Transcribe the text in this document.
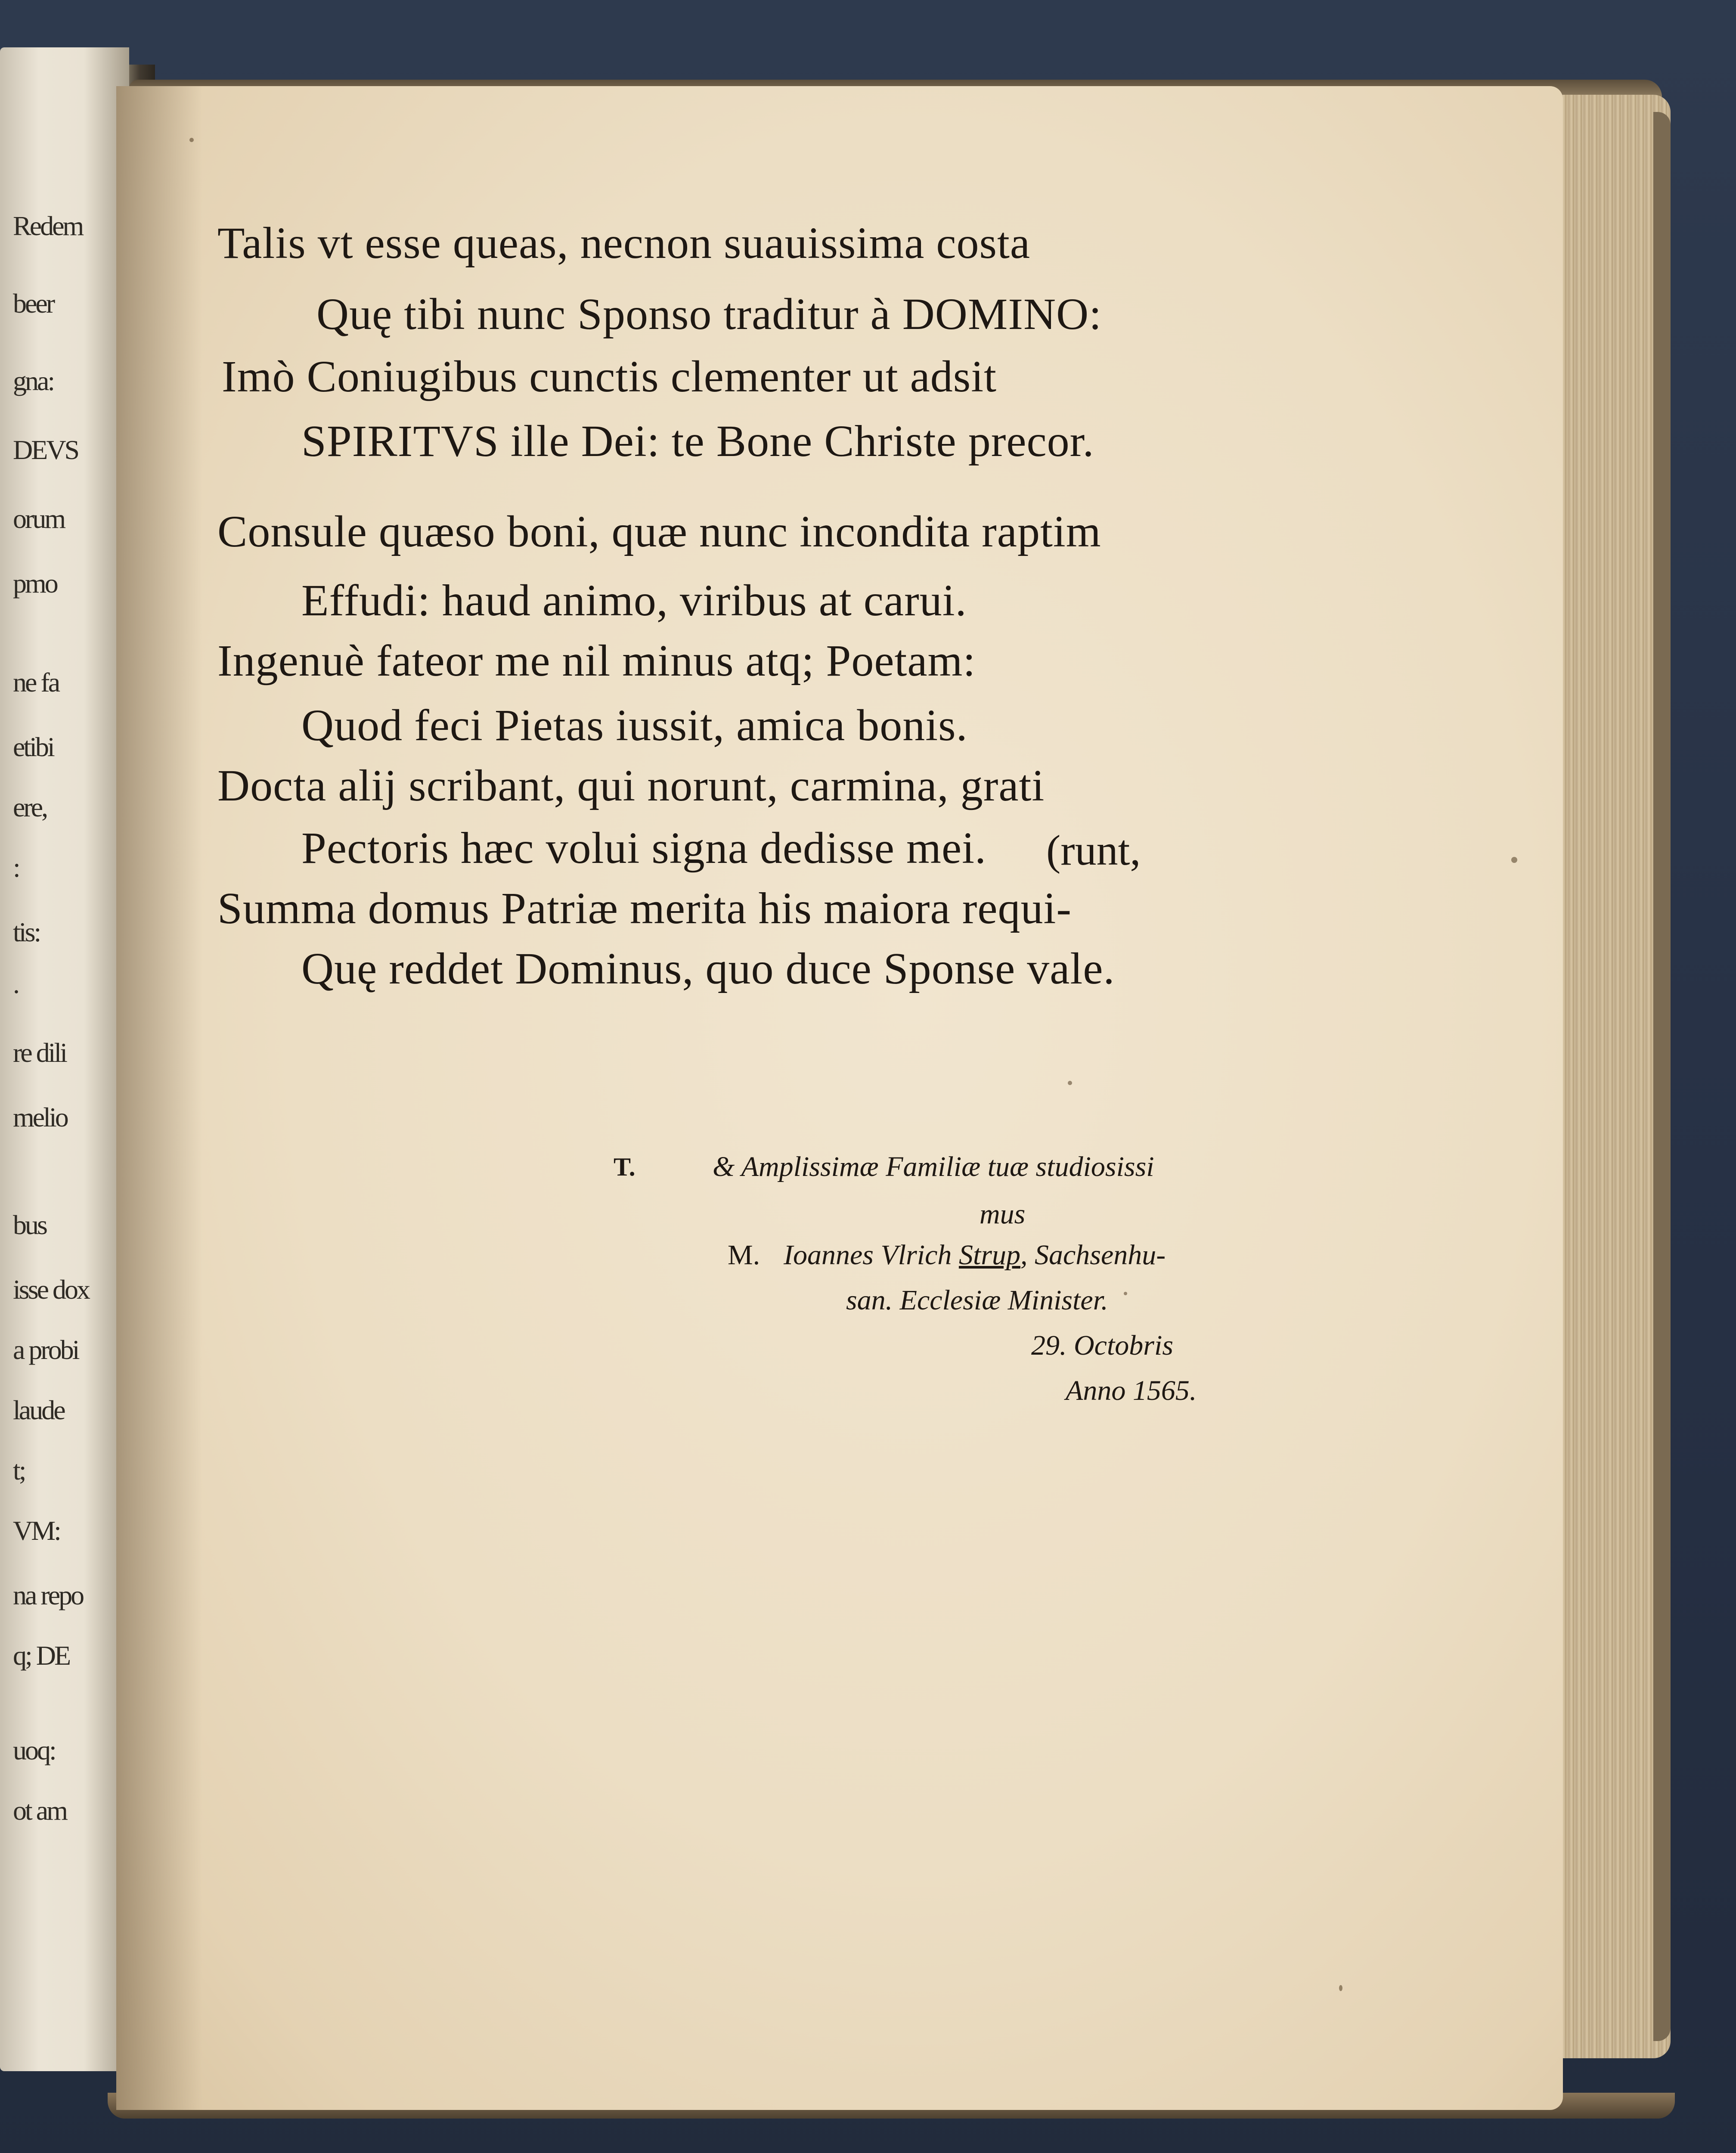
Redem
beer
gna:
DEVS
orum
pmo
ne fa
etibi
ere,
:
tis:
.
re dili
melio
bus
isse dox
a probi
laude
t;
VM:
na repo
q; DE
uoq:
ot am
Talis vt esse queas, necnon suauissima costa
Quę tibi nunc Sponso traditur à DOMINO:
Imò Coniugibus cunctis clementer ut adsit
SPIRITVS ille Dei: te Bone Christe precor.
Consule quæso boni, quæ nunc incondita raptim
Effudi: haud animo, viribus at carui.
Ingenuè fateor me nil minus atq; Poetam:
Quod feci Pietas iussit, amica bonis.
Docta alij scribant, qui norunt, carmina, grati
Pectoris hæc volui signa dedisse mei.
Summa domus Patriæ merita his maiora requi-
Quę reddet Dominus, quo duce Sponse vale.
(runt,
T.	& Amplissimæ Familiæ tuæ studiosissi
mus
M. Ioannes Vlrich Strup, Sachsenhu-
san. Ecclesiæ Minister.
29. Octobris
Anno 1565.
